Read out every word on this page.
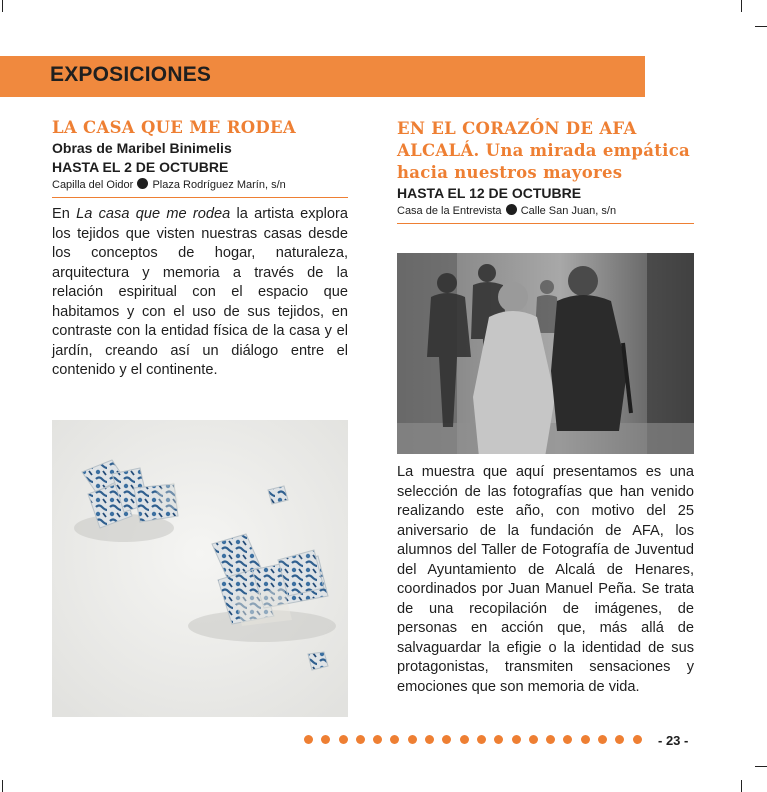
EXPOSICIONES
LA CASA QUE ME RODEA

Obras de Maribel Binimelis

HASTA EL 2 DE OCTUBRE

Capilla del Oidor Plaza Rodríguez Marín, s/n

En La casa que me rodea la artista explora los tejidos que visten nuestras casas desde los conceptos de hogar, naturaleza, arquitectura y memoria a través de la relación espiritual con el espacio que habitamos y con el uso de sus tejidos, en contraste con la entidad física de la casa y el jardín, creando así un diálogo entre el contenido y el continente.

EN EL CORAZÓN DE AFA ALCALÁ. Una mirada empática hacia nuestros mayores

HASTA EL 12 DE OCTUBRE

Casa de la Entrevista Calle San Juan, s/n

La muestra que aquí presentamos es una selección de las fotografías que han venido realizando este año, con motivo del 25 aniversario de la fundación de AFA, los alumnos del Taller de Fotografía de Juventud del Ayuntamiento de Alcalá de Henares, coordinados por Juan Manuel Peña. Se trata de una recopilación de imágenes, de personas en acción que, más allá de salvaguardar la efigie o la identidad de sus protagonistas, transmiten sensaciones y emociones que son memoria de vida.

- 23 -
